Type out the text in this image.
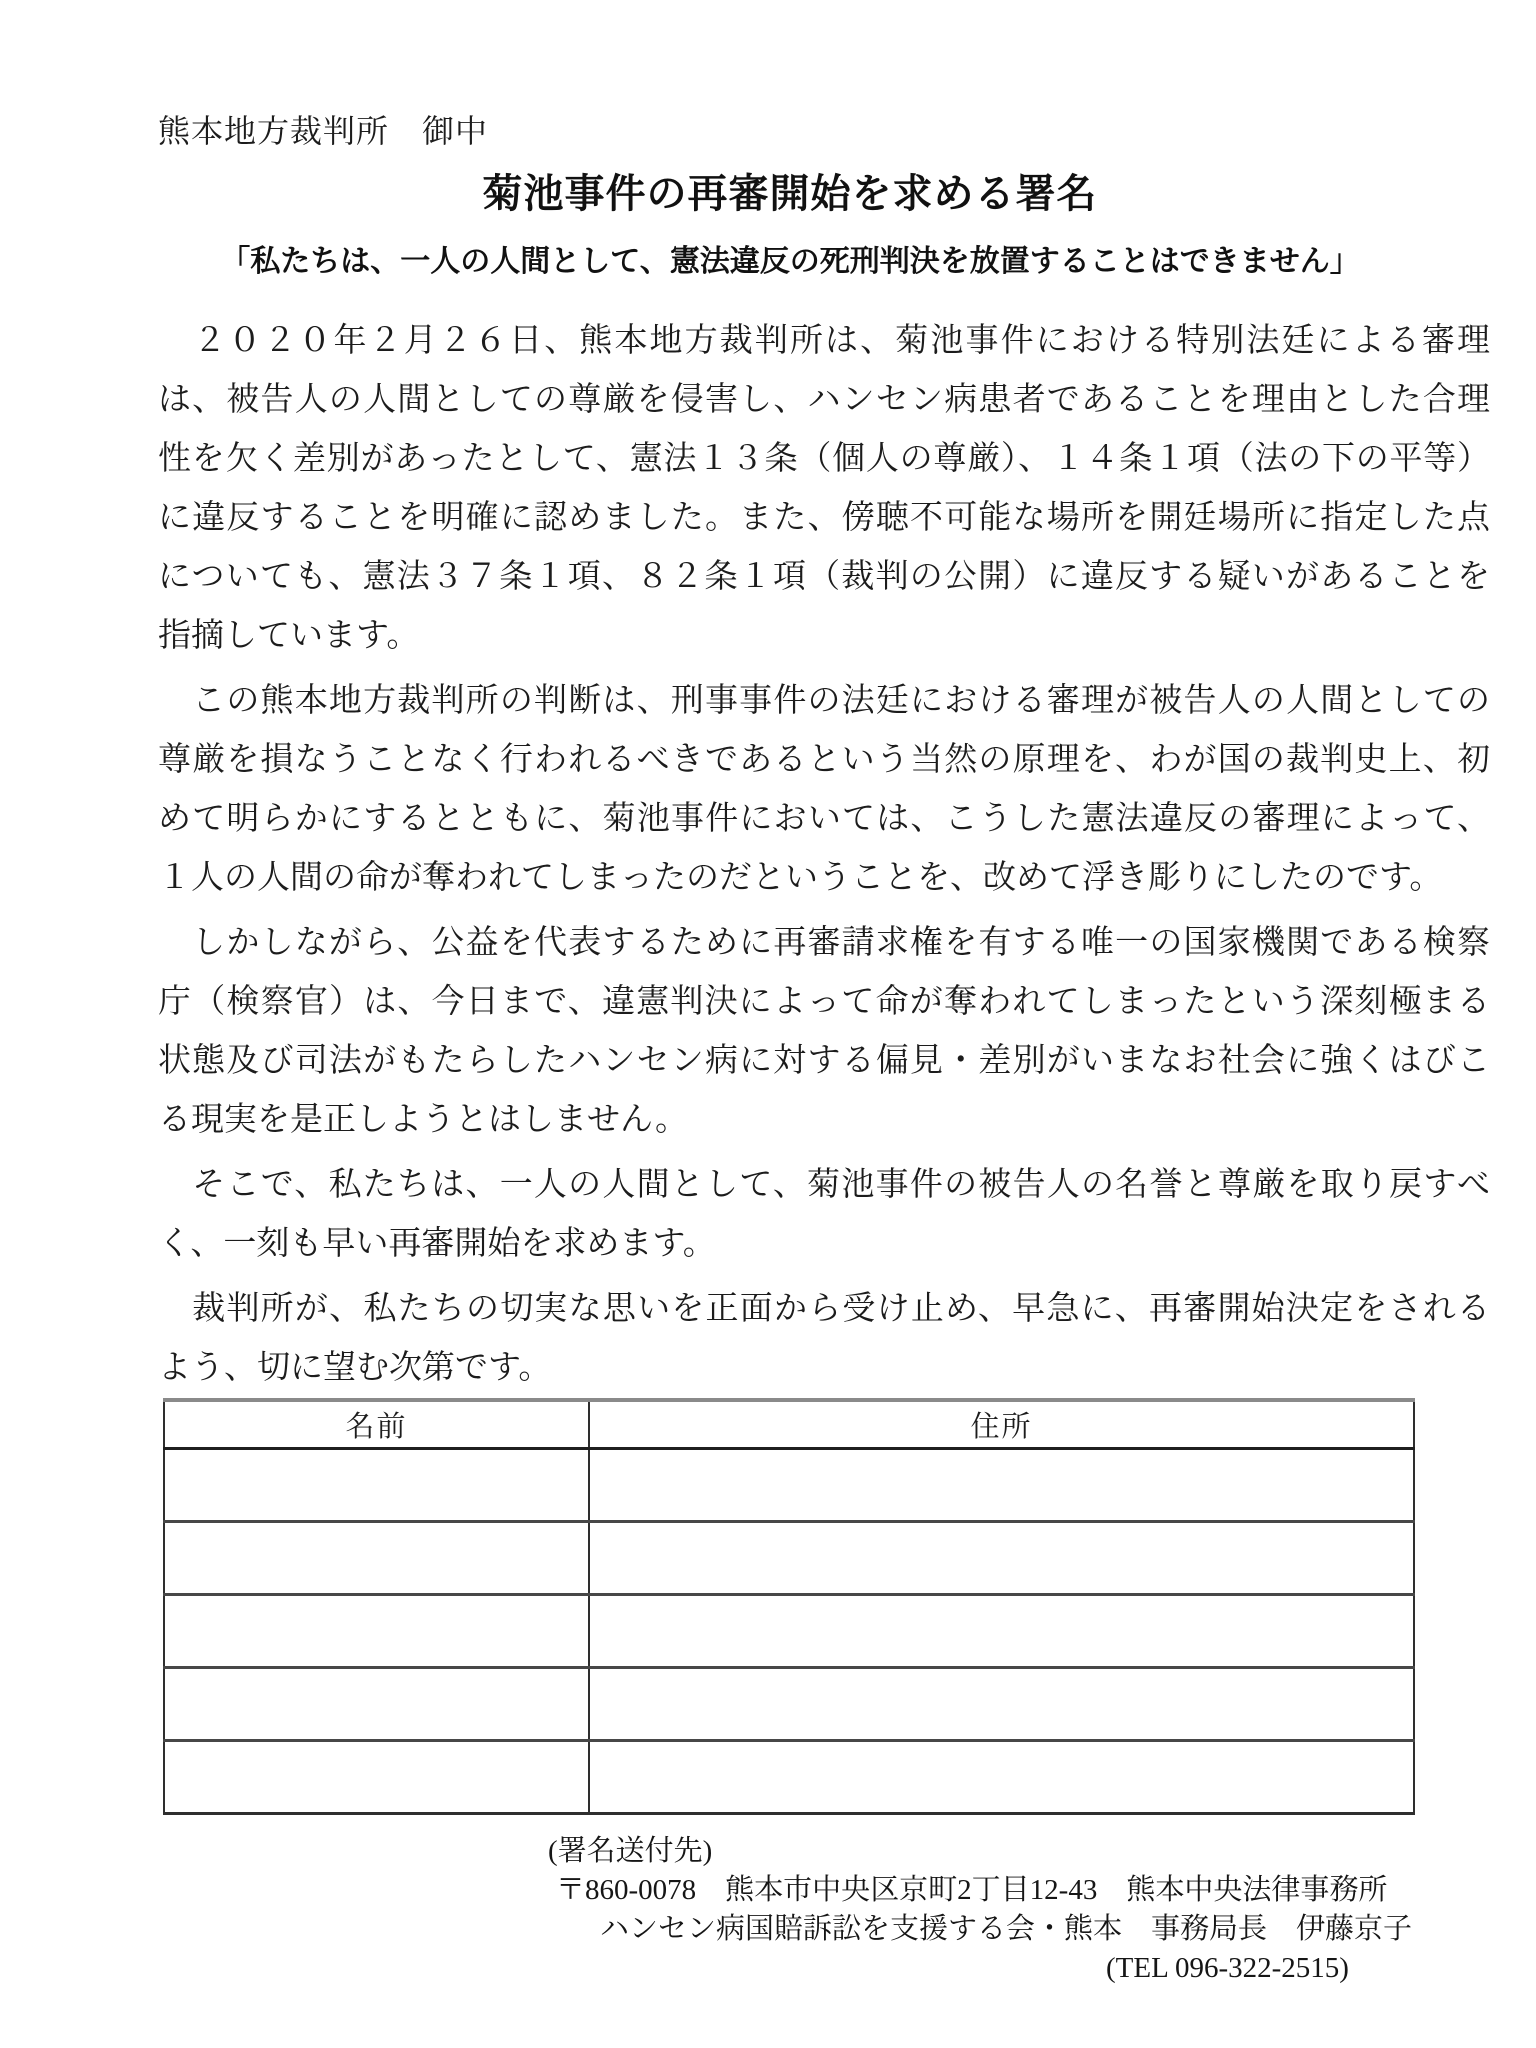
熊本地方裁判所　御中
菊池事件の再審開始を求める署名
「私たちは、一人の人間として、憲法違反の死刑判決を放置することはできません」
　２０２０年２月２６日、熊本地方裁判所は、菊池事件における特別法廷による審理
は、被告人の人間としての尊厳を侵害し、ハンセン病患者であることを理由とした合理
性を欠く差別があったとして、憲法１３条（個人の尊厳）、１４条１項（法の下の平等）
に違反することを明確に認めました。また、傍聴不可能な場所を開廷場所に指定した点
についても、憲法３７条１項、８２条１項（裁判の公開）に違反する疑いがあることを
指摘しています。
　この熊本地方裁判所の判断は、刑事事件の法廷における審理が被告人の人間としての
尊厳を損なうことなく行われるべきであるという当然の原理を、わが国の裁判史上、初
めて明らかにするとともに、菊池事件においては、こうした憲法違反の審理によって、
１人の人間の命が奪われてしまったのだということを、改めて浮き彫りにしたのです。
　しかしながら、公益を代表するために再審請求権を有する唯一の国家機関である検察
庁（検察官）は、今日まで、違憲判決によって命が奪われてしまったという深刻極まる
状態及び司法がもたらしたハンセン病に対する偏見・差別がいまなお社会に強くはびこ
る現実を是正しようとはしません。
　そこで、私たちは、一人の人間として、菊池事件の被告人の名誉と尊厳を取り戻すべ
く、一刻も早い再審開始を求めます。
　裁判所が、私たちの切実な思いを正面から受け止め、早急に、再審開始決定をされる
よう、切に望む次第です。
名前	住所

(署名送付先)
〒860-0078　熊本市中央区京町2丁目12-43　熊本中央法律事務所
ハンセン病国賠訴訟を支援する会・熊本　事務局長　伊藤京子
(TEL 096-322-2515)
